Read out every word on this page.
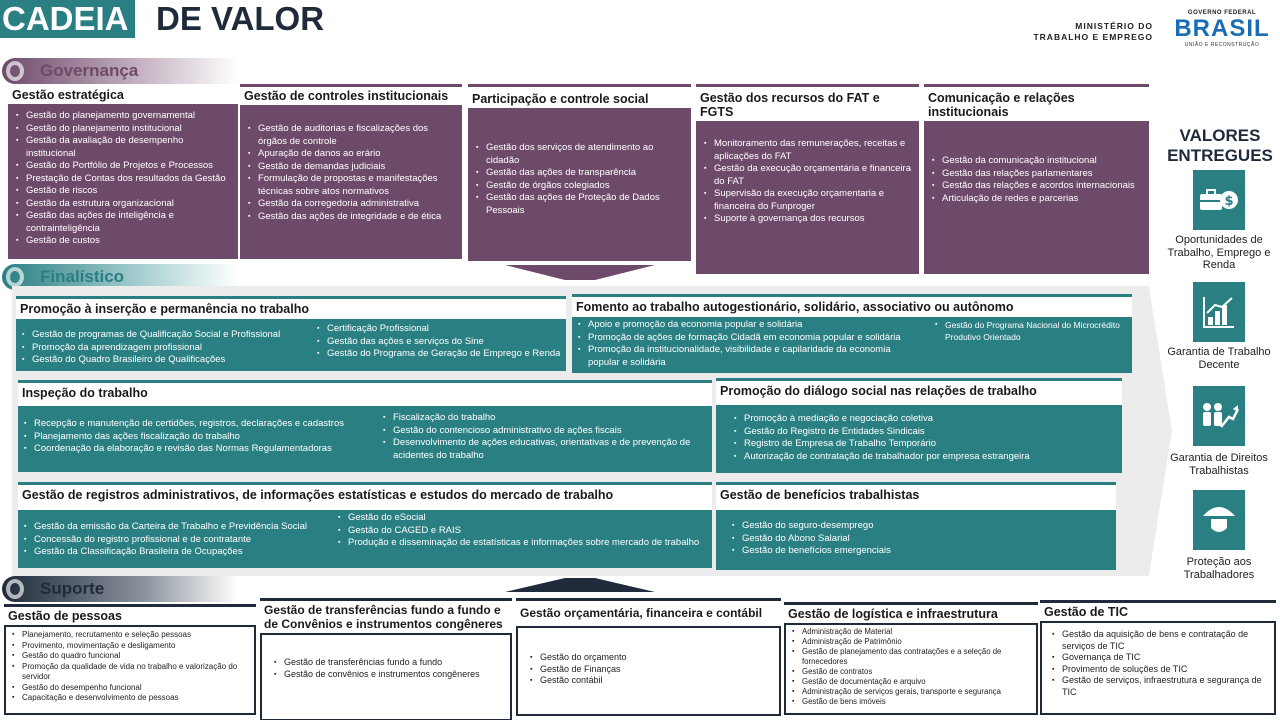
CADEIA DE VALOR	MINISTÉRIO DO
TRABALHO E EMPREGO
GOVERNO FEDERAL
BRASIL
UNIÃO E RECONSTRUÇÃO
Governança
Gestão estratégica
▪ Gestão do planejamento governamental
▪ Gestão do planejamento institucional
▪ Gestão da avaliação de desempenho institucional
▪ Gestão do Portfólio de Projetos e Processos
▪ Prestação de Contas dos resultados da Gestão
▪ Gestão de riscos
▪ Gestão da estrutura organizacional
▪ Gestão das ações de inteligência e contrainteligência
▪ Gestão de custos
Gestão de controles institucionais
▪ Gestão de auditorias e fiscalizações dos órgãos de controle
▪ Apuração de danos ao erário
▪ Gestão de demandas judiciais
▪ Formulação de propostas e manifestações técnicas sobre atos normativos
▪ Gestão da corregedoria administrativa
▪ Gestão das ações de integridade e de ética
Participação e controle social
▪ Gestão dos serviços de atendimento ao cidadão
▪ Gestão das ações de transparência
▪ Gestão de órgãos colegiados
▪ Gestão das ações de Proteção de Dados Pessoais
Gestão dos recursos do FAT e FGTS
▪ Monitoramento das remunerações, receitas e aplicações do FAT
▪ Gestão da execução orçamentária e financeira do FAT
▪ Supervisão da execução orçamentaria e financeira do Funproger
▪ Suporte à governança dos recursos
Comunicação e relações institucionais
▪ Gestão da comunicação institucional
▪ Gestão das relações parlamentares
▪ Gestão das relações e acordos internacionais
▪ Articulação de redes e parcerias
Finalístico
Promoção à inserção e permanência no trabalho
▪ Gestão de programas de Qualificação Social e Profissional
▪ Promoção da aprendizagem profissional
▪ Gestão do Quadro Brasileiro de Qualificações
▪ Certificação Profissional
▪ Gestão das ações e serviços do Sine
▪ Gestão do Programa de Geração de Emprego e Renda
Fomento ao trabalho autogestionário, solidário, associativo ou autônomo
▪ Apoio e promoção da economia popular e solidária
▪ Promoção de ações de formação Cidadã em economia popular e solidária
▪ Promoção da institucionalidade, visibilidade e capilaridade da economia popular e solidária
▪ Gestão do Programa Nacional do Microcrédito Produtivo Orientado
Inspeção do trabalho
▪ Recepção e manutenção de certidões, registros, declarações e cadastros
▪ Planejamento das ações fiscalização do trabalho
▪ Coordenação da elaboração e revisão das Normas Regulamentadoras
▪ Fiscalização do trabalho
▪ Gestão do contencioso administrativo de ações fiscais
▪ Desenvolvimento de ações educativas, orientativas e de prevenção de acidentes do trabalho
Promoção do diálogo social nas relações de trabalho
▪ Promoção à mediação e negociação coletiva
▪ Gestão do Registro de Entidades Sindicais
▪ Registro de Empresa de Trabalho Temporário
▪ Autorização de contratação de trabalhador por empresa estrangeira
Gestão de registros administrativos, de informações estatísticas e estudos do mercado de trabalho
▪ Gestão da emissão da Carteira de Trabalho e Previdência Social
▪ Concessão do registro profissional e de contratante
▪ Gestão da Classificação Brasileira de Ocupações
▪ Gestão do eSocial
▪ Gestão do CAGED e RAIS
▪ Produção e disseminação de estatísticas e informações sobre mercado de trabalho
Gestão de benefícios trabalhistas
▪ Gestão do seguro-desemprego
▪ Gestão do Abono Salarial
▪ Gestão de benefícios emergenciais
Suporte
Gestão de pessoas
▪ Planejamento, recrutamento e seleção pessoas
▪ Provimento, movimentação e desligamento
▪ Gestão do quadro funcional
▪ Promoção da qualidade de vida no trabalho e valorização do servidor
▪ Gestão do desempenho funcional
▪ Capacitação e desenvolvimento de pessoas
Gestão de transferências fundo a fundo e de Convênios e instrumentos congêneres
▪ Gestão de transferências fundo a fundo
▪ Gestão de convênios e instrumentos congêneres
Gestão orçamentária, financeira e contábil
▪ Gestão do orçamento
▪ Gestão de Finanças
▪ Gestão contábil
Gestão de logística e infraestrutura
▪ Administração de Material
▪ Administração de Patrimônio
▪ Gestão de planejamento das contratações e a seleção de fornecedores
▪ Gestão de contratos
▪ Gestão de documentação e arquivo
▪ Administração de serviços gerais, transporte e segurança
▪ Gestão de bens imóveis
Gestão de TIC
▪ Gestão da aquisição de bens e contratação de serviços de TIC
▪ Governança de TIC
▪ Provimento de soluções de TIC
▪ Gestão de serviços, infraestrutura e segurança de TIC
VALORES ENTREGUES
$
Oportunidades de Trabalho, Emprego e Renda
Garantia de Trabalho Decente
Garantia de Direitos Trabalhistas
Proteção aos Trabalhadores
